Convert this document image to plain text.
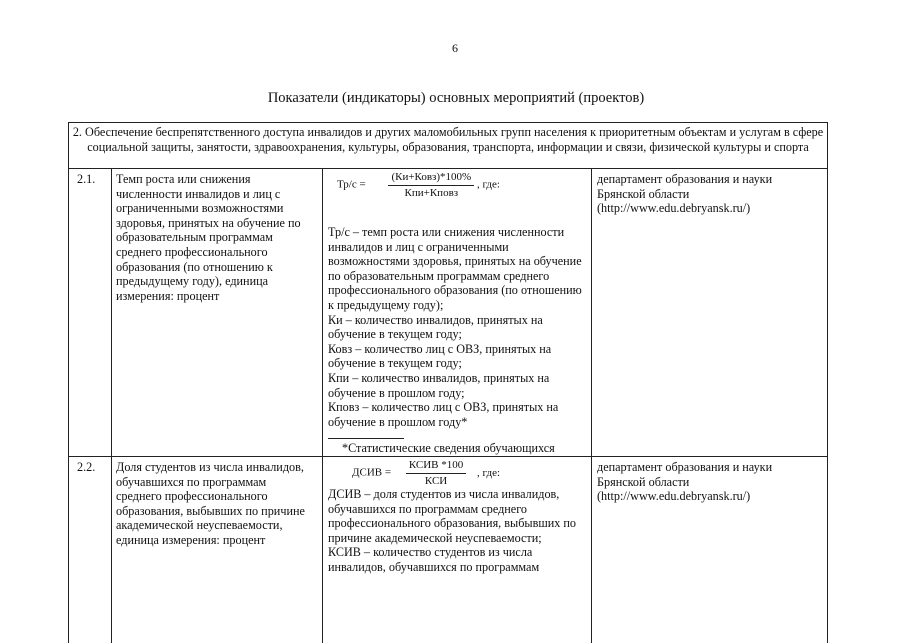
6
Показатели (индикаторы) основных мероприятий (проектов)
2. Обеспечение беспрепятственного доступа инвалидов и других маломобильных групп населения к приоритетным объектам и услугам в сфере социальной защиты, занятости, здравоохранения, культуры, образования, транспорта, информации и связи, физической культуры и спорта
2.1.	Темп роста или снижения численности инвалидов и лиц с ограниченными возможностями здоровья, принятых на обучение по образовательным программам среднего профессионального образования (по отношению к предыдущему году), единица измерения: процент
$Тр/с = \frac{\text{(Ки+Ковз)*100\%}}{\text{Кпи+Кповз}}$ , где:

Тр/с – темп роста или снижения численности инвалидов и лиц с ограниченными возможностями здоровья, принятых на обучение по образовательным программам среднего профессионального образования (по отношению к предыдущему году);

Ки – количество инвалидов, принятых на обучение в текущем году;

Ковз – количество лиц с ОВЗ, принятых на обучение в текущем году;

Кпи – количество инвалидов, принятых на обучение в прошлом году;

Кповз – количество лиц с ОВЗ, принятых на обучение в прошлом году*

*Статистические сведения обучающихся
департамент образования и науки Брянской области (http://www.edu.debryansk.ru/)
2.2.	Доля студентов из числа инвалидов, обучавшихся по программам среднего профессионального образования, выбывших по причине академической неуспеваемости, единица измерения: процент
ДСИВ = $\frac{\text{КСИВ *100}}{\text{КСИ}}$ , где:

ДСИВ – доля студентов из числа инвалидов, обучавшихся по программам среднего профессионального образования, выбывших по причине академической неуспеваемости;

КСИВ – количество студентов из числа инвалидов, обучавшихся по программам

департамент образования и науки Брянской области (http://www.edu.debryansk.ru/)
